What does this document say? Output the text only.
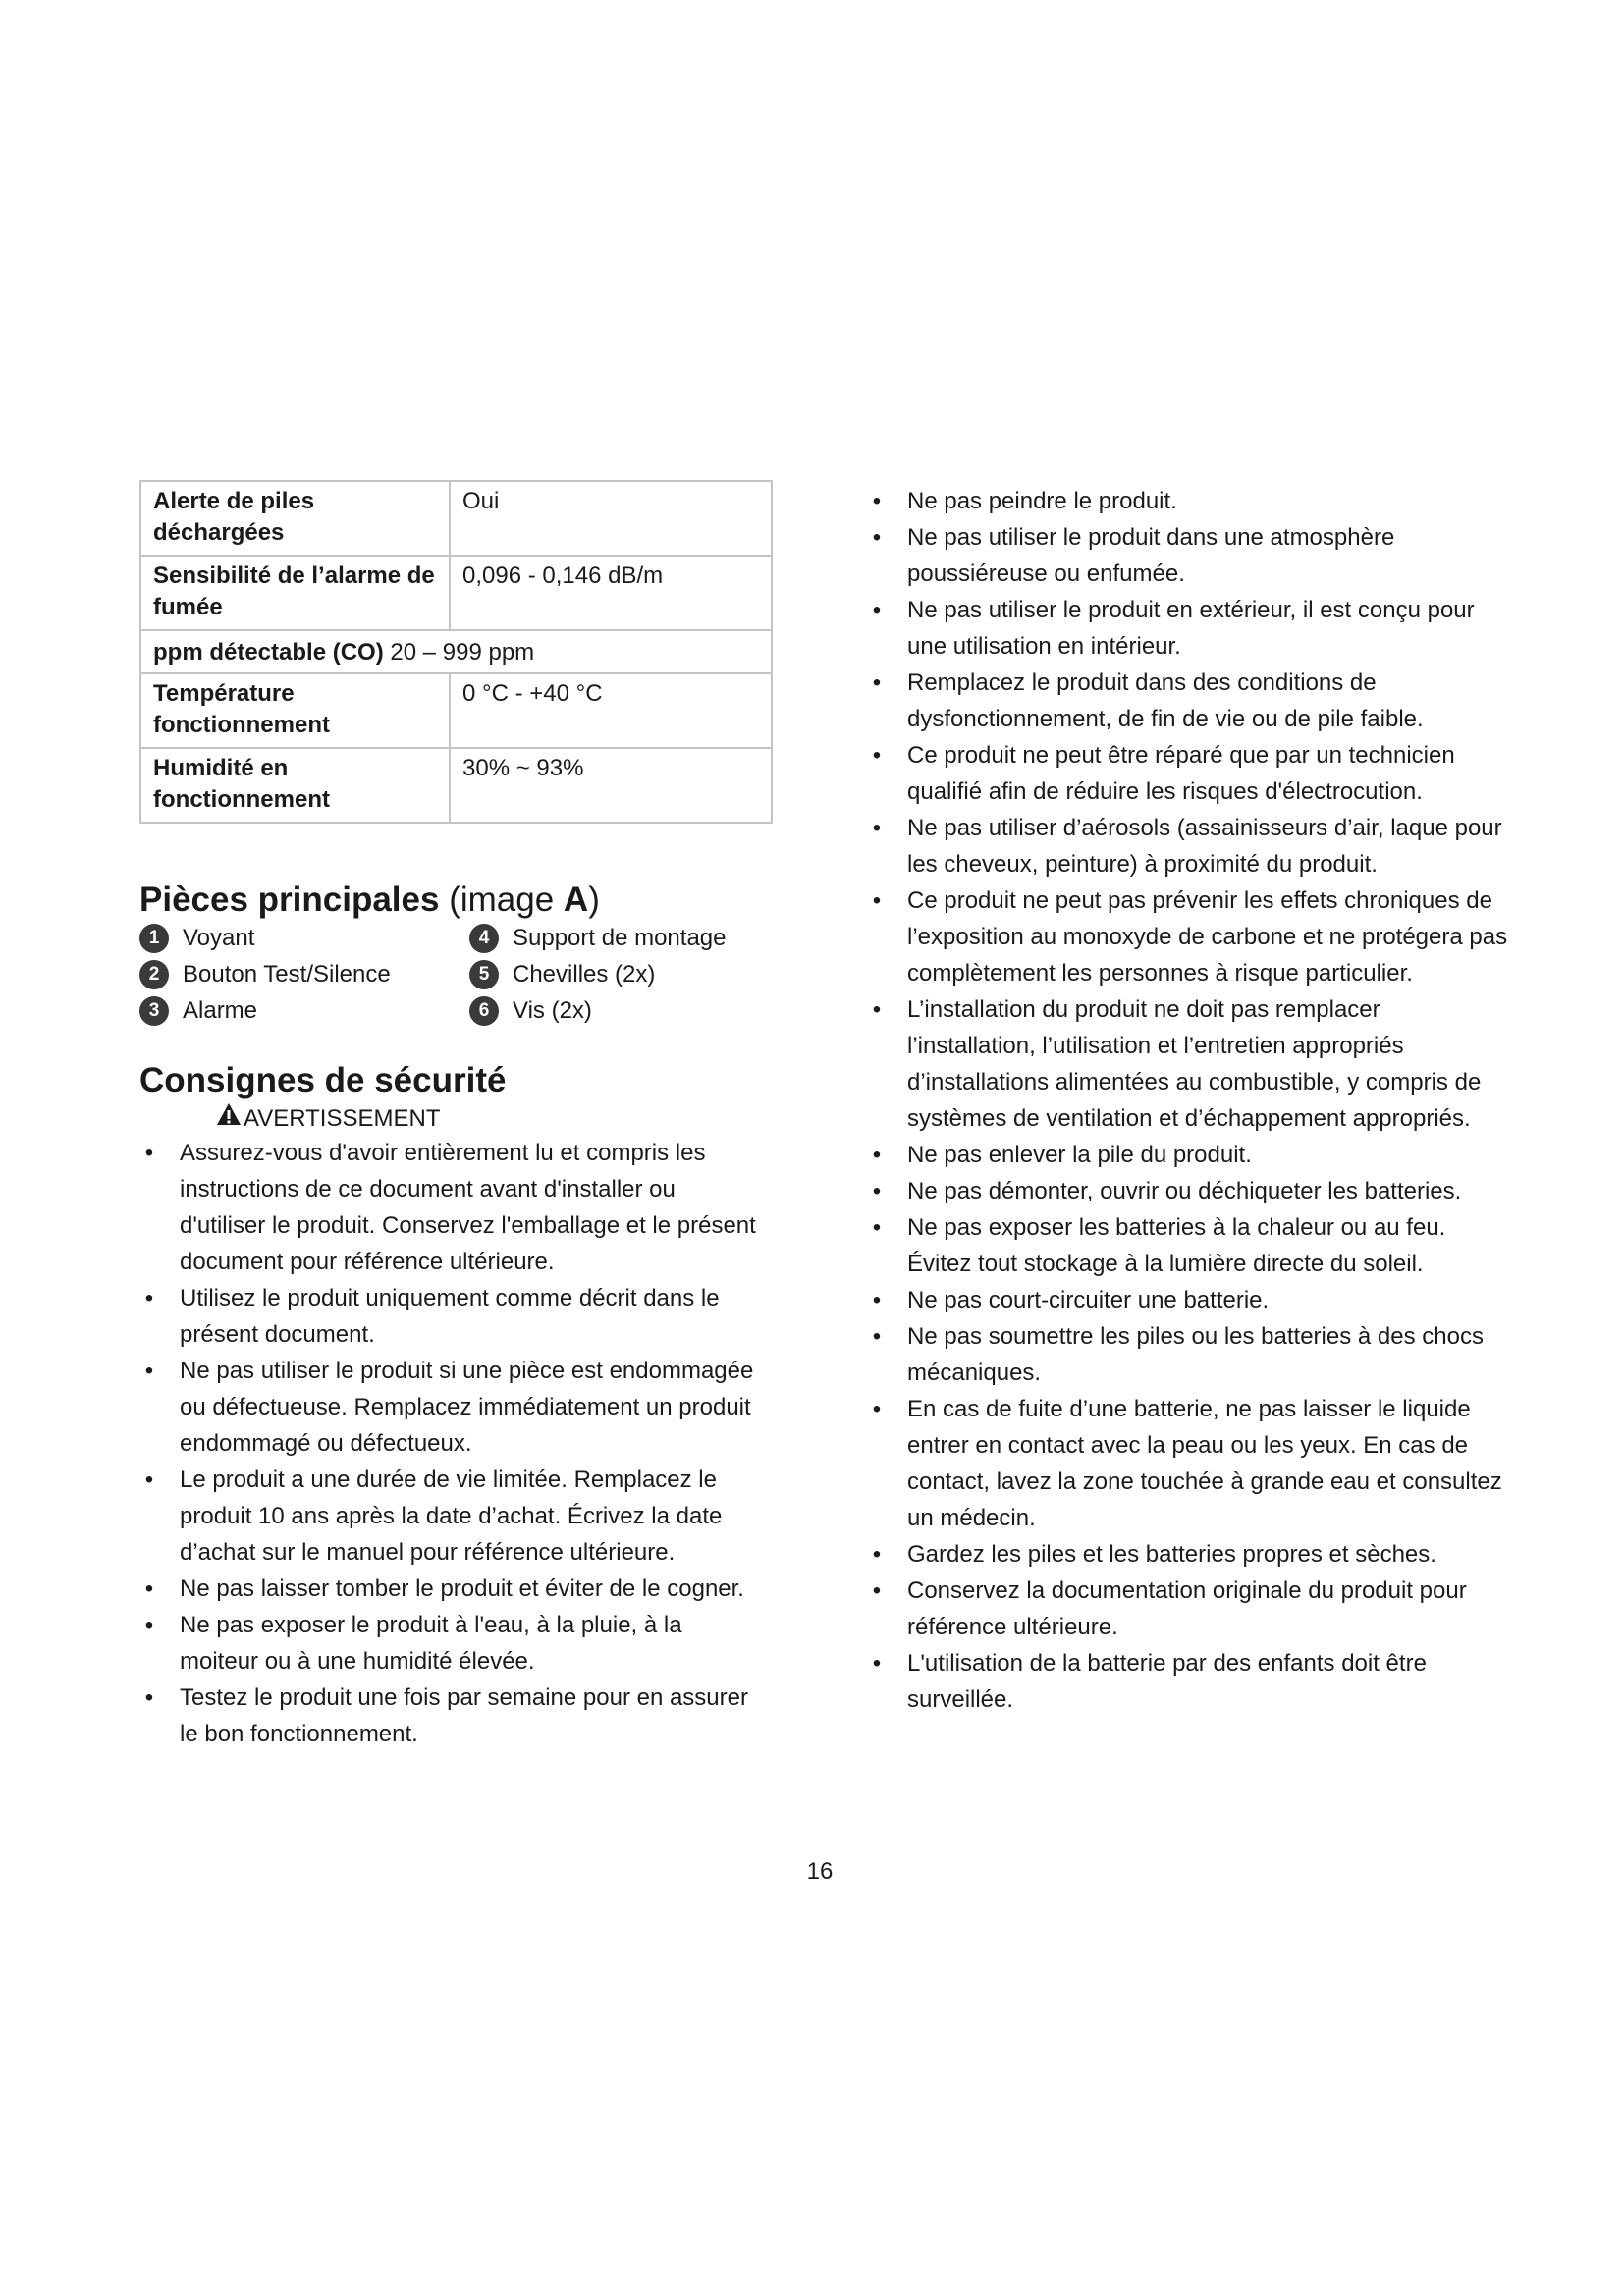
Alerte de piles déchargées	Oui
Sensibilité de l’alarme de fumée	0,096 - 0,146 dB/m
ppm détectable (CO) 20 – 999 ppm	
Température fonctionnement	0 °C - +40 °C
Humidité en fonctionnement	30% ~ 93%
Pièces principales (image A)
1 Voyant
2 Bouton Test/Silence
3 Alarme
4 Support de montage
5 Chevilles (2x)
6 Vis (2x)
Consignes de sécurité
AVERTISSEMENT
• Assurez-vous d'avoir entièrement lu et compris les instructions de ce document avant d'installer ou d'utiliser le produit. Conservez l'emballage et le présent document pour référence ultérieure.
• Utilisez le produit uniquement comme décrit dans le présent document.
• Ne pas utiliser le produit si une pièce est endommagée ou défectueuse. Remplacez immédiatement un produit endommagé ou défectueux.
• Le produit a une durée de vie limitée. Remplacez le produit 10 ans après la date d’achat. Écrivez la date d’achat sur le manuel pour référence ultérieure.
• Ne pas laisser tomber le produit et éviter de le cogner.
• Ne pas exposer le produit à l'eau, à la pluie, à la moiteur ou à une humidité élevée.
• Testez le produit une fois par semaine pour en assurer le bon fonctionnement.
• Ne pas peindre le produit.
• Ne pas utiliser le produit dans une atmosphère poussiéreuse ou enfumée.
• Ne pas utiliser le produit en extérieur, il est conçu pour une utilisation en intérieur.
• Remplacez le produit dans des conditions de dysfonctionnement, de fin de vie ou de pile faible.
• Ce produit ne peut être réparé que par un technicien qualifié afin de réduire les risques d'électrocution.
• Ne pas utiliser d’aérosols (assainisseurs d’air, laque pour les cheveux, peinture) à proximité du produit.
• Ce produit ne peut pas prévenir les effets chroniques de l’exposition au monoxyde de carbone et ne protégera pas complètement les personnes à risque particulier.
• L’installation du produit ne doit pas remplacer l’installation, l’utilisation et l’entretien appropriés d’installations alimentées au combustible, y compris de systèmes de ventilation et d’échappement appropriés.
• Ne pas enlever la pile du produit.
• Ne pas démonter, ouvrir ou déchiqueter les batteries.
• Ne pas exposer les batteries à la chaleur ou au feu. Évitez tout stockage à la lumière directe du soleil.
• Ne pas court-circuiter une batterie.
• Ne pas soumettre les piles ou les batteries à des chocs mécaniques.
• En cas de fuite d’une batterie, ne pas laisser le liquide entrer en contact avec la peau ou les yeux. En cas de contact, lavez la zone touchée à grande eau et consultez un médecin.
• Gardez les piles et les batteries propres et sèches.
• Conservez la documentation originale du produit pour référence ultérieure.
• L'utilisation de la batterie par des enfants doit être surveillée.
16
